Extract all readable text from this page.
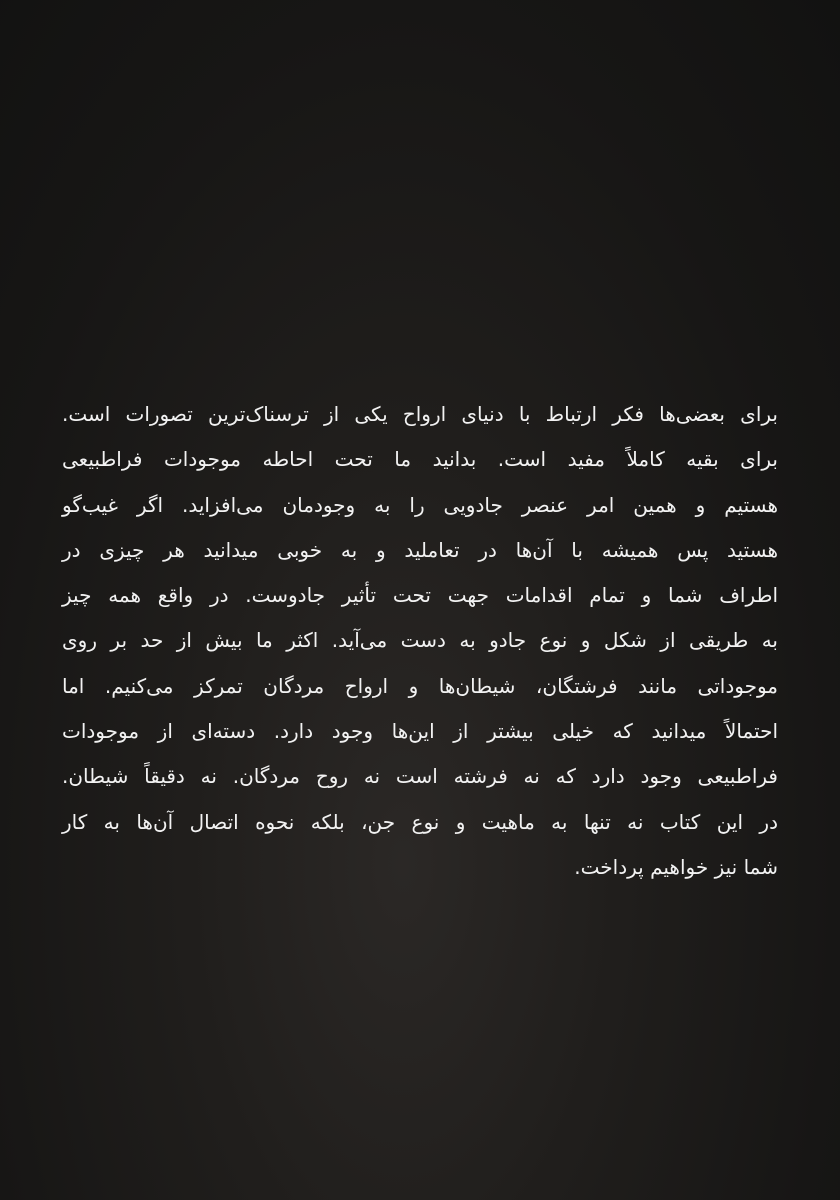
برای بعضی‌ها فکر ارتباط با دنیای ارواح یکی از ترسناک‌ترین تصورات است.
برای بقیه کاملاً مفید است. بدانید ما تحت احاطه موجودات فراطبیعی
هستیم و همین امر عنصر جادویی را به وجودمان می‌افزاید. اگر غیب‌گو
هستید پس همیشه با آن‌ها در تعاملید و به خوبی میدانید هر چیزی در
اطراف شما و تمام اقدامات جهت تحت تأثیر جادوست. در واقع همه چیز
به طریقی از شکل و نوع جادو به دست می‌آید. اکثر ما بیش از حد بر روی
موجوداتی مانند فرشتگان، شیطان‌ها و ارواح مردگان تمرکز می‌کنیم. اما
احتمالاً میدانید که خیلی بیشتر از این‌ها وجود دارد. دسته‌ای از موجودات
فراطبیعی وجود دارد که نه فرشته است نه روح مردگان. نه دقیقاً شیطان.
در این کتاب نه تنها به ماهیت و نوع جن، بلکه نحوه اتصال آن‌ها به کار
شما نیز خواهیم پرداخت.
